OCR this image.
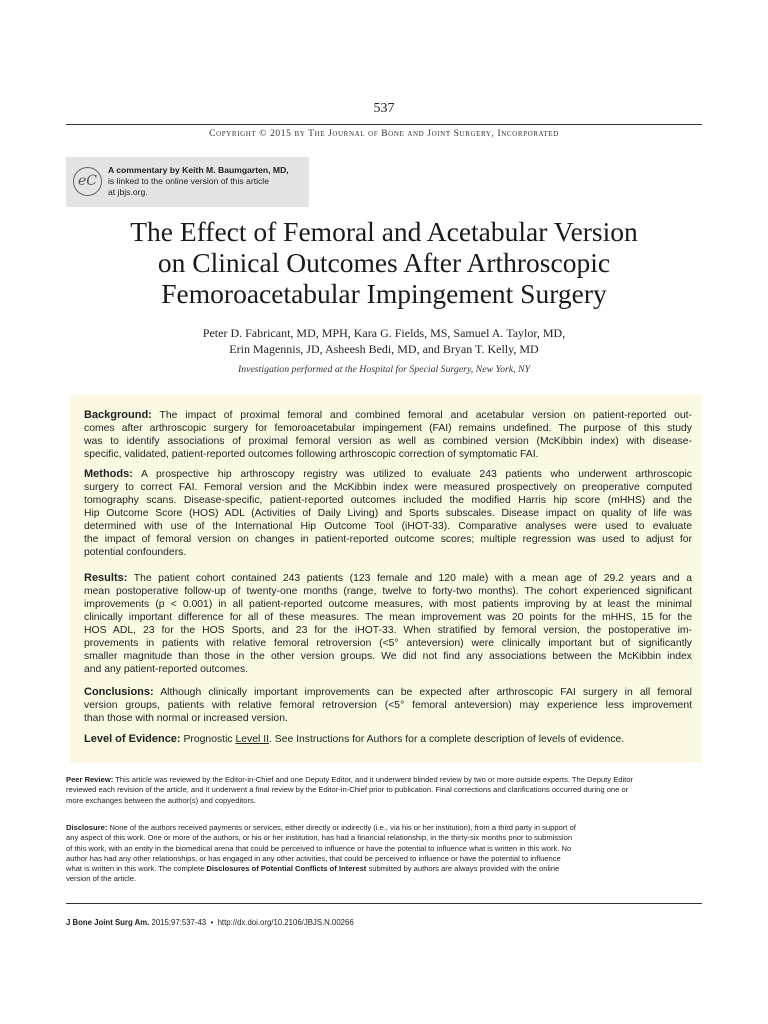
537
Copyright © 2015 by The Journal of Bone and Joint Surgery, Incorporated
eC
A commentary by Keith M. Baumgarten, MD,
is linked to the online version of this article
at jbjs.org.
The Effect of Femoral and Acetabular Version
on Clinical Outcomes After Arthroscopic
Femoroacetabular Impingement Surgery
Peter D. Fabricant, MD, MPH, Kara G. Fields, MS, Samuel A. Taylor, MD,
Erin Magennis, JD, Asheesh Bedi, MD, and Bryan T. Kelly, MD
Investigation performed at the Hospital for Special Surgery, New York, NY
Background: The impact of proximal femoral and combined femoral and acetabular version on patient-reported out-
comes after arthroscopic surgery for femoroacetabular impingement (FAI) remains undefined. The purpose of this study
was to identify associations of proximal femoral version as well as combined version (McKibbin index) with disease-
specific, validated, patient-reported outcomes following arthroscopic correction of symptomatic FAI.
Methods: A prospective hip arthroscopy registry was utilized to evaluate 243 patients who underwent arthroscopic
surgery to correct FAI. Femoral version and the McKibbin index were measured prospectively on preoperative computed
tomography scans. Disease-specific, patient-reported outcomes included the modified Harris hip score (mHHS) and the
Hip Outcome Score (HOS) ADL (Activities of Daily Living) and Sports subscales. Disease impact on quality of life was
determined with use of the International Hip Outcome Tool (iHOT-33). Comparative analyses were used to evaluate
the impact of femoral version on changes in patient-reported outcome scores; multiple regression was used to adjust for
potential confounders.
Results: The patient cohort contained 243 patients (123 female and 120 male) with a mean age of 29.2 years and a
mean postoperative follow-up of twenty-one months (range, twelve to forty-two months). The cohort experienced significant
improvements (p < 0.001) in all patient-reported outcome measures, with most patients improving by at least the minimal
clinically important difference for all of these measures. The mean improvement was 20 points for the mHHS, 15 for the
HOS ADL, 23 for the HOS Sports, and 23 for the iHOT-33. When stratified by femoral version, the postoperative im-
provements in patients with relative femoral retroversion (<5° anteversion) were clinically important but of significantly
smaller magnitude than those in the other version groups. We did not find any associations between the McKibbin index
and any patient-reported outcomes.
Conclusions: Although clinically important improvements can be expected after arthroscopic FAI surgery in all femoral
version groups, patients with relative femoral retroversion (<5° femoral anteversion) may experience less improvement
than those with normal or increased version.
Level of Evidence: Prognostic Level II. See Instructions for Authors for a complete description of levels of evidence.
Peer Review: This article was reviewed by the Editor-in-Chief and one Deputy Editor, and it underwent blinded review by two or more outside experts. The Deputy Editor
reviewed each revision of the article, and it underwent a final review by the Editor-in-Chief prior to publication. Final corrections and clarifications occurred during one or
more exchanges between the author(s) and copyeditors.
Disclosure: None of the authors received payments or services, either directly or indirectly (i.e., via his or her institution), from a third party in support of
any aspect of this work. One or more of the authors, or his or her institution, has had a financial relationship, in the thirty-six months prior to submission
of this work, with an entity in the biomedical arena that could be perceived to influence or have the potential to influence what is written in this work. No
author has had any other relationships, or has engaged in any other activities, that could be perceived to influence or have the potential to influence
what is written in this work. The complete Disclosures of Potential Conflicts of Interest submitted by authors are always provided with the online
version of the article.
J Bone Joint Surg Am. 2015;97:537-43 • http://dx.doi.org/10.2106/JBJS.N.00266
